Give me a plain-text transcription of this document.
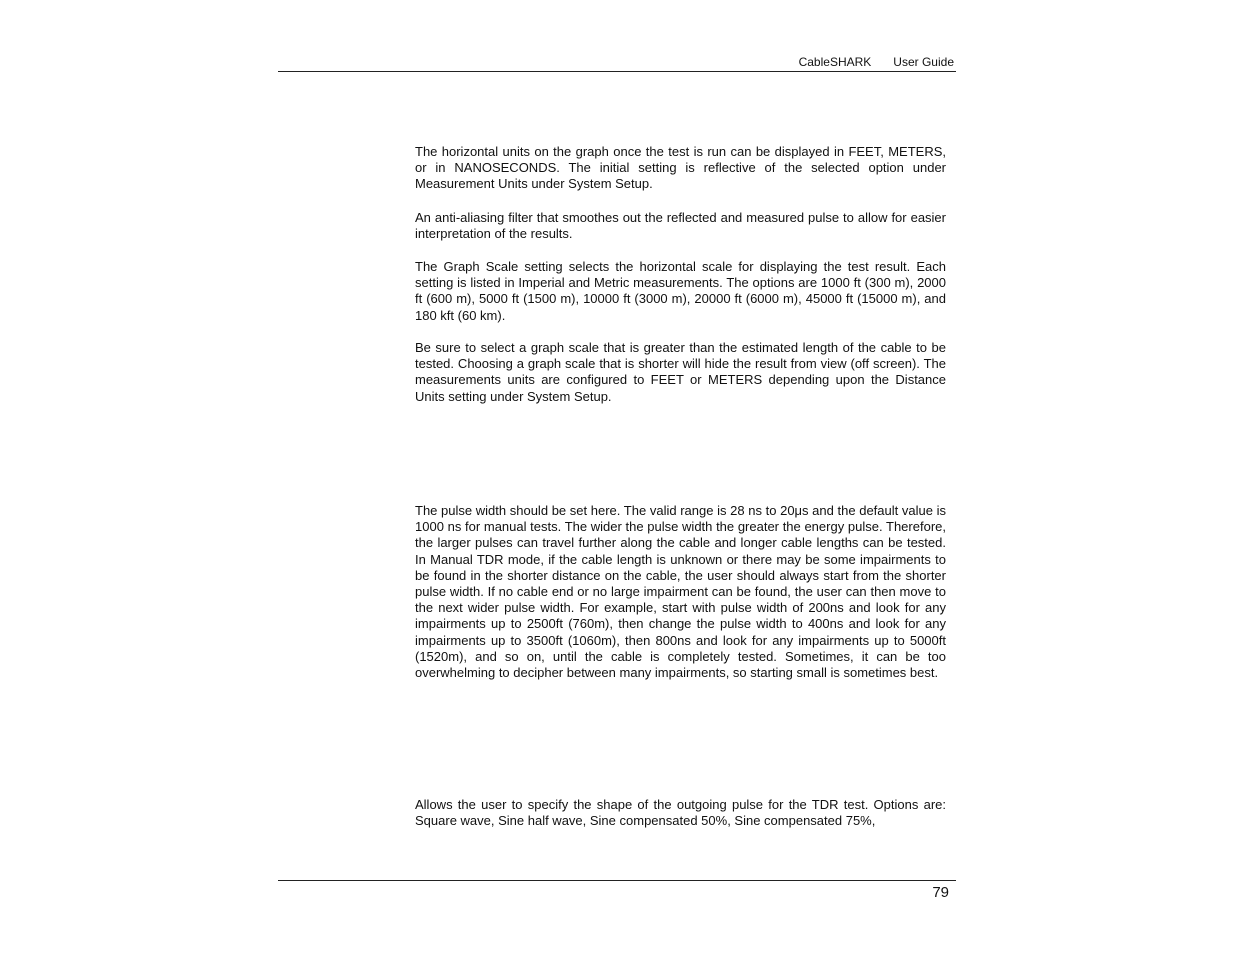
CableSHARK User Guide

The horizontal units on the graph once the test is run can be displayed in FEET, METERS, or in NANOSECONDS. The initial setting is reflective of the selected option under Measurement Units under System Setup.

An anti-aliasing filter that smoothes out the reflected and measured pulse to allow for easier interpretation of the results.

The Graph Scale setting selects the horizontal scale for displaying the test result. Each setting is listed in Imperial and Metric measurements. The options are 1000 ft (300 m), 2000 ft (600 m), 5000 ft (1500 m), 10000 ft (3000 m), 20000 ft (6000 m), 45000 ft (15000 m), and 180 kft (60 km).

Be sure to select a graph scale that is greater than the estimated length of the cable to be tested. Choosing a graph scale that is shorter will hide the result from view (off screen). The measurements units are configured to FEET or METERS depending upon the Distance Units setting under System Setup.

The pulse width should be set here. The valid range is 28 ns to 20μs and the default value is 1000 ns for manual tests. The wider the pulse width the greater the energy pulse. Therefore, the larger pulses can travel further along the cable and longer cable lengths can be tested. In Manual TDR mode, if the cable length is unknown or there may be some impairments to be found in the shorter distance on the cable, the user should always start from the shorter pulse width. If no cable end or no large impairment can be found, the user can then move to the next wider pulse width. For example, start with pulse width of 200ns and look for any impairments up to 2500ft (760m), then change the pulse width to 400ns and look for any impairments up to 3500ft (1060m), then 800ns and look for any impairments up to 5000ft (1520m), and so on, until the cable is completely tested. Sometimes, it can be too overwhelming to decipher between many impairments, so starting small is sometimes best.

Allows the user to specify the shape of the outgoing pulse for the TDR test. Options are: Square wave, Sine half wave, Sine compensated 50%, Sine compensated 75%,

79
